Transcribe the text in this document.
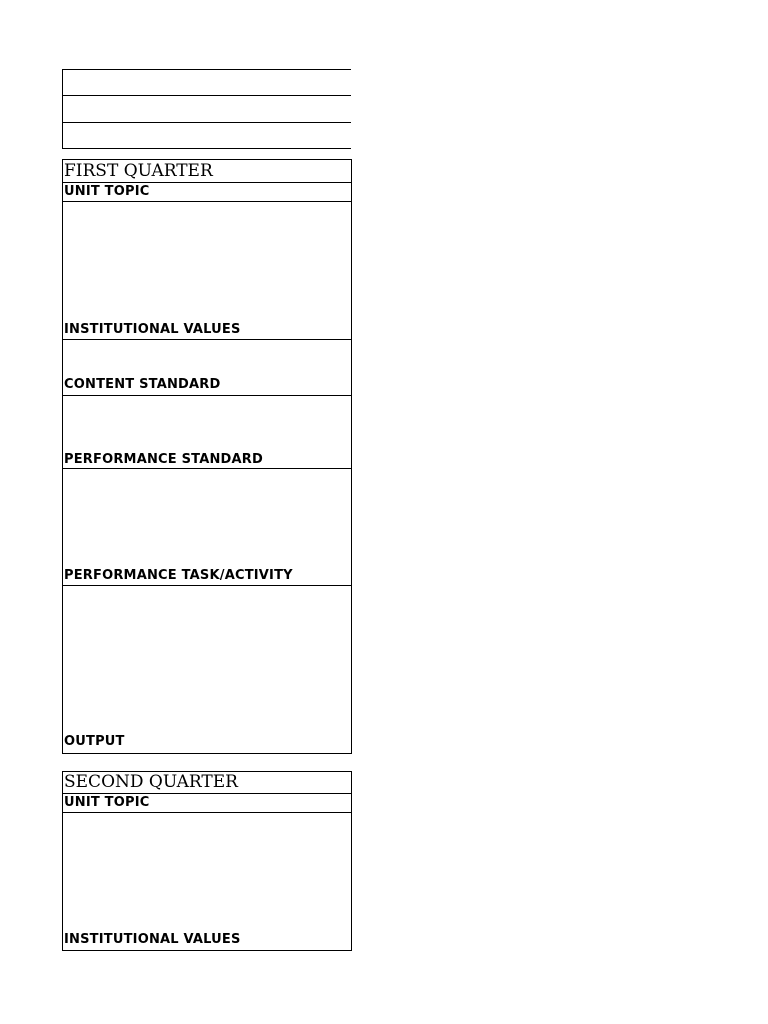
FIRST QUARTER
UNIT TOPIC
INSTITUTIONAL VALUES
CONTENT STANDARD
PERFORMANCE STANDARD
PERFORMANCE TASK/ACTIVITY
OUTPUT
SECOND QUARTER
UNIT TOPIC
INSTITUTIONAL VALUES
